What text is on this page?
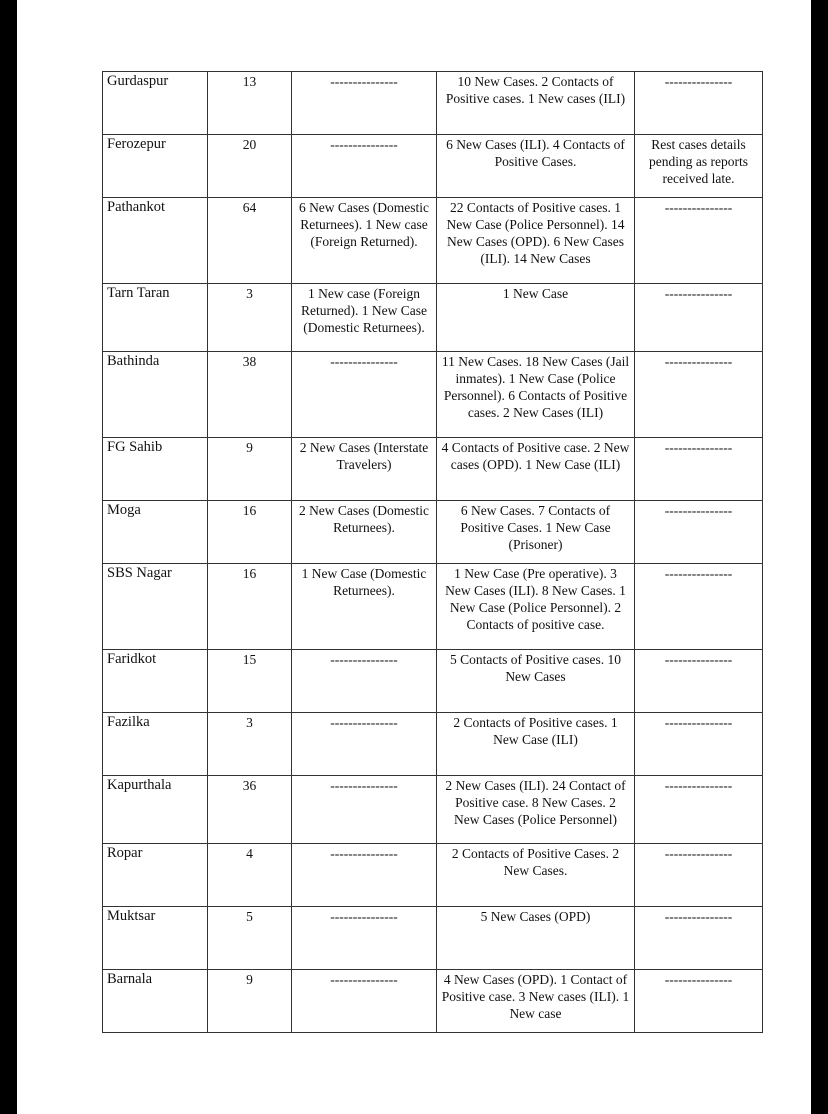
Gurdaspur	13	---------------	10 New Cases. 2 Contacts of Positive cases. 1 New cases (ILI)	---------------
Ferozepur	20	---------------	6 New Cases (ILI). 4 Contacts of Positive Cases.	Rest cases details pending as reports received late.
Pathankot	64	6 New Cases (Domestic Returnees). 1 New case (Foreign Returned).	22 Contacts of Positive cases. 1 New Case (Police Personnel). 14 New Cases (OPD). 6 New Cases (ILI). 14 New Cases	---------------
Tarn Taran	3	1 New case (Foreign Returned). 1 New Case (Domestic Returnees).	1 New Case	---------------
Bathinda	38	---------------	11 New Cases. 18 New Cases (Jail inmates). 1 New Case (Police Personnel). 6 Contacts of Positive cases. 2 New Cases (ILI)	---------------
FG Sahib	9	2 New Cases (Interstate Travelers)	4 Contacts of Positive case. 2 New cases (OPD). 1 New Case (ILI)	---------------
Moga	16	2 New Cases (Domestic Returnees).	6 New Cases. 7 Contacts of Positive Cases. 1 New Case (Prisoner)	---------------
SBS Nagar	16	1 New Case (Domestic Returnees).	1 New Case (Pre operative). 3 New Cases (ILI). 8 New Cases. 1 New Case (Police Personnel). 2 Contacts of positive case.	---------------
Faridkot	15	---------------	5 Contacts of Positive cases. 10 New Cases	---------------
Fazilka	3	---------------	2 Contacts of Positive cases. 1 New Case (ILI)	---------------
Kapurthala	36	---------------	2 New Cases (ILI). 24 Contact of Positive case. 8 New Cases. 2 New Cases (Police Personnel)	---------------
Ropar	4	---------------	2 Contacts of Positive Cases. 2 New Cases.	---------------
Muktsar	5	---------------	5 New Cases (OPD)	---------------
Barnala	9	---------------	4 New Cases (OPD). 1 Contact of Positive case. 3 New cases (ILI). 1 New case	---------------
